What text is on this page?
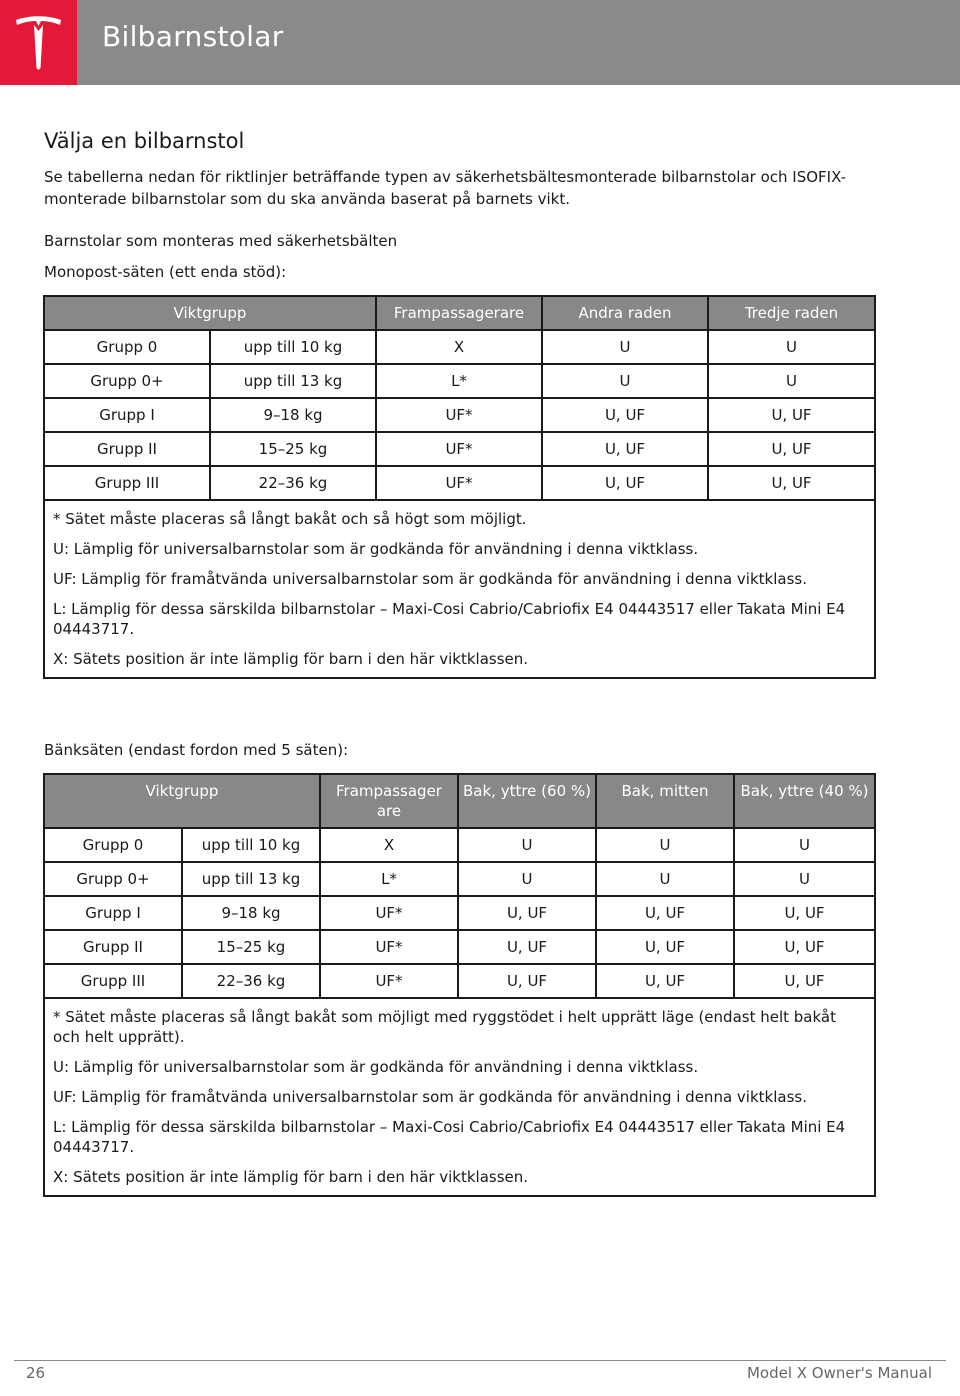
Bilbarnstolar
Välja en bilbarnstol
Se tabellerna nedan för riktlinjer beträffande typen av säkerhetsbältesmonterade bilbarnstolar och ISOFIX-monterade bilbarnstolar som du ska använda baserat på barnets vikt.
Barnstolar som monteras med säkerhetsbälten
Monopost-säten (ett enda stöd):
Viktgrupp		Frampassagerare	Andra raden	Tredje raden
Grupp 0	upp till 10 kg	X	U	U
Grupp 0+	upp till 13 kg	L*	U	U
Grupp I	9–18 kg	UF*	U, UF	U, UF
Grupp II	15–25 kg	UF*	U, UF	U, UF
Grupp III	22–36 kg	UF*	U, UF	U, UF

* Sätet måste placeras så långt bakåt och så högt som möjligt.

U: Lämplig för universalbarnstolar som är godkända för användning i denna viktklass.

UF: Lämplig för framåtvända universalbarnstolar som är godkända för användning i denna viktklass.

L: Lämplig för dessa särskilda bilbarnstolar – Maxi-Cosi Cabrio/Cabriofix E4 04443517 eller Takata Mini E4 04443717.

X: Sätets position är inte lämplig för barn i den här viktklassen.				

Bänksäten (endast fordon med 5 säten):
Viktgrupp		Frampassager are	Bak, yttre (60 %)	Bak, mitten	Bak, yttre (40 %)
Grupp 0	upp till 10 kg	X	U	U	U
Grupp 0+	upp till 13 kg	L*	U	U	U
Grupp I	9–18 kg	UF*	U, UF	U, UF	U, UF
Grupp II	15–25 kg	UF*	U, UF	U, UF	U, UF
Grupp III	22–36 kg	UF*	U, UF	U, UF	U, UF

* Sätet måste placeras så långt bakåt som möjligt med ryggstödet i helt upprätt läge (endast helt bakåt och helt upprätt).

U: Lämplig för universalbarnstolar som är godkända för användning i denna viktklass.

UF: Lämplig för framåtvända universalbarnstolar som är godkända för användning i denna viktklass.

L: Lämplig för dessa särskilda bilbarnstolar – Maxi-Cosi Cabrio/Cabriofix E4 04443517 eller Takata Mini E4 04443717.

X: Sätets position är inte lämplig för barn i den här viktklassen.					

26	Model X Owner's Manual
